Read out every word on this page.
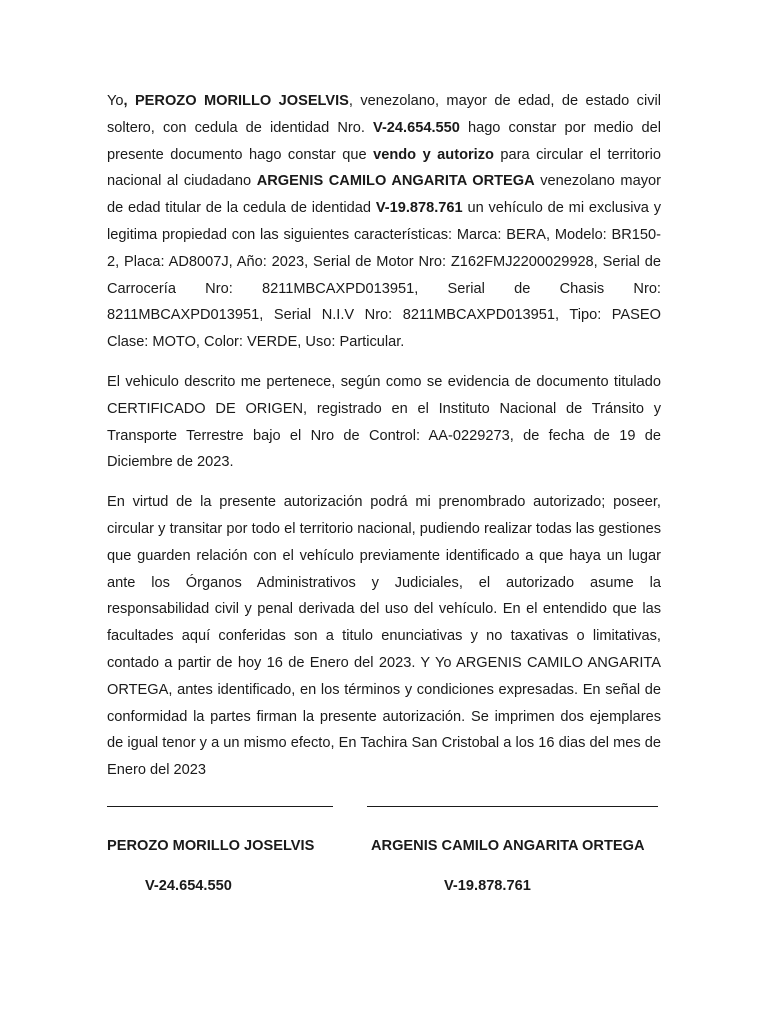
Yo, PEROZO MORILLO JOSELVIS, venezolano, mayor de edad, de estado civil soltero, con cedula de identidad Nro. V-24.654.550 hago constar por medio del presente documento hago constar que vendo y autorizo para circular el territorio nacional al ciudadano ARGENIS CAMILO ANGARITA ORTEGA venezolano mayor de edad titular de la cedula de identidad V-19.878.761 un vehículo de mi exclusiva y legitima propiedad con las siguientes características: Marca: BERA, Modelo: BR150-2, Placa: AD8007J, Año: 2023, Serial de Motor Nro: Z162FMJ2200029928, Serial de Carrocería Nro: 8211MBCAXPD013951, Serial de Chasis Nro: 8211MBCAXPD013951, Serial N.I.V Nro: 8211MBCAXPD013951, Tipo: PASEO Clase: MOTO, Color: VERDE, Uso: Particular.

El vehiculo descrito me pertenece, según como se evidencia de documento titulado CERTIFICADO DE ORIGEN, registrado en el Instituto Nacional de Tránsito y Transporte Terrestre bajo el Nro de Control: AA-0229273, de fecha de 19 de Diciembre de 2023.

En virtud de la presente autorización podrá mi prenombrado autorizado; poseer, circular y transitar por todo el territorio nacional, pudiendo realizar todas las gestiones que guarden relación con el vehículo previamente identificado a que haya un lugar ante los Órganos Administrativos y Judiciales, el autorizado asume la responsabilidad civil y penal derivada del uso del vehículo. En el entendido que las facultades aquí conferidas son a titulo enunciativas y no taxativas o limitativas, contado a partir de hoy 16 de Enero del 2023. Y Yo ARGENIS CAMILO ANGARITA ORTEGA, antes identificado, en los términos y condiciones expresadas. En señal de conformidad la partes firman la presente autorización. Se imprimen dos ejemplares de igual tenor y a un mismo efecto, En Tachira San Cristobal a los 16 dias del mes de Enero del 2023

PEROZO MORILLO JOSELVIS	ARGENIS CAMILO ANGARITA ORTEGA
V-24.654.550	V-19.878.761
